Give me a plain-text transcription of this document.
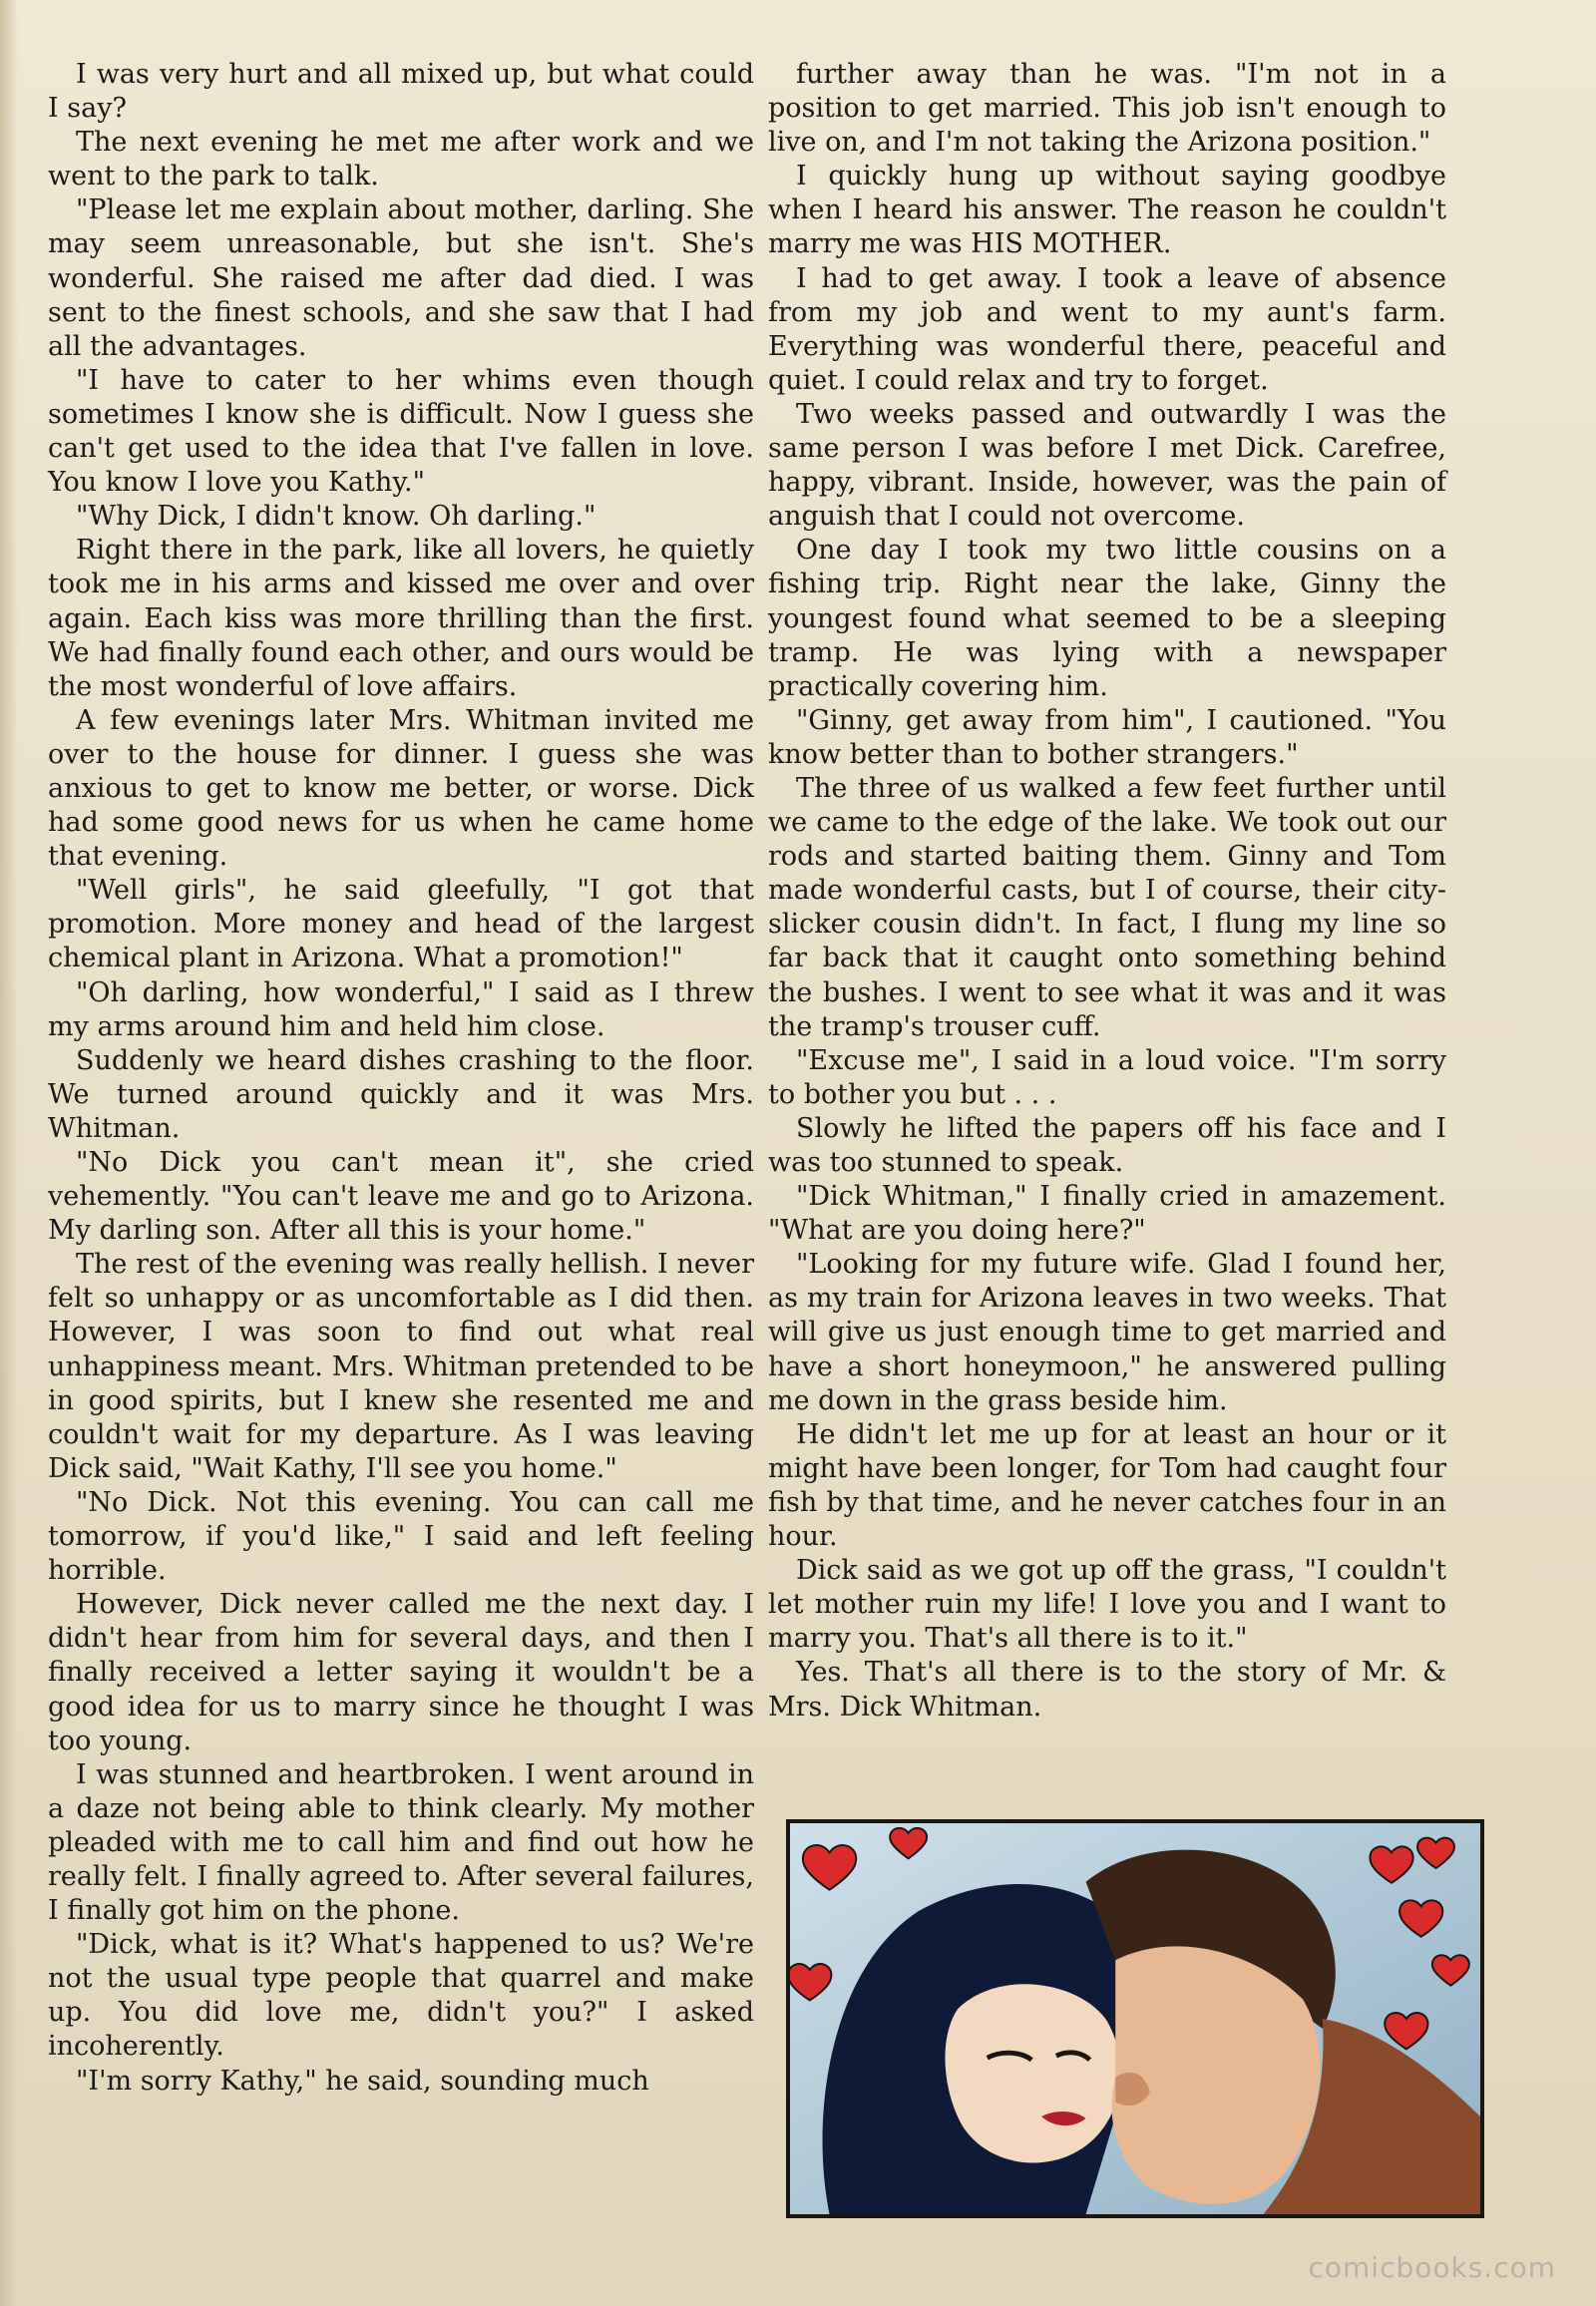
I was very hurt and all mixed up, but what could I say?

The next evening he met me after work and we went to the park to talk.

"Please let me explain about mother, darling. She may seem unreasonable, but she isn't. She's wonderful. She raised me after dad died. I was sent to the finest schools, and she saw that I had all the advantages.

"I have to cater to her whims even though sometimes I know she is difficult. Now I guess she can't get used to the idea that I've fallen in love. You know I love you Kathy."

"Why Dick, I didn't know. Oh darling."

Right there in the park, like all lovers, he quietly took me in his arms and kissed me over and over again. Each kiss was more thrilling than the first. We had finally found each other, and ours would be the most wonderful of love affairs.

A few evenings later Mrs. Whitman invited me over to the house for dinner. I guess she was anxious to get to know me better, or worse. Dick had some good news for us when he came home that evening.

"Well girls", he said gleefully, "I got that promotion. More money and head of the largest chemical plant in Arizona. What a promotion!"

"Oh darling, how wonderful," I said as I threw my arms around him and held him close.

Suddenly we heard dishes crashing to the floor. We turned around quickly and it was Mrs. Whitman.

"No Dick you can't mean it", she cried vehemently. "You can't leave me and go to Arizona. My darling son. After all this is your home."

The rest of the evening was really hellish. I never felt so unhappy or as uncomfortable as I did then. However, I was soon to find out what real unhappiness meant. Mrs. Whitman pretended to be in good spirits, but I knew she resented me and couldn't wait for my departure. As I was leaving Dick said, "Wait Kathy, I'll see you home."

"No Dick. Not this evening. You can call me tomorrow, if you'd like," I said and left feeling horrible.

However, Dick never called me the next day. I didn't hear from him for several days, and then I finally received a letter saying it wouldn't be a good idea for us to marry since he thought I was too young.

I was stunned and heartbroken. I went around in a daze not being able to think clearly. My mother pleaded with me to call him and find out how he really felt. I finally agreed to. After several failures, I finally got him on the phone.

"Dick, what is it? What's happened to us? We're not the usual type people that quarrel and make up. You did love me, didn't you?" I asked incoherently.

"I'm sorry Kathy," he said, sounding much

further away than he was. "I'm not in a position to get married. This job isn't enough to live on, and I'm not taking the Arizona position."

I quickly hung up without saying goodbye when I heard his answer. The reason he couldn't marry me was HIS MOTHER.

I had to get away. I took a leave of absence from my job and went to my aunt's farm. Everything was wonderful there, peaceful and quiet. I could relax and try to forget.

Two weeks passed and outwardly I was the same person I was before I met Dick. Carefree, happy, vibrant. Inside, however, was the pain of anguish that I could not overcome.

One day I took my two little cousins on a fishing trip. Right near the lake, Ginny the youngest found what seemed to be a sleeping tramp. He was lying with a newspaper practically covering him.

"Ginny, get away from him", I cautioned. "You know better than to bother strangers."

The three of us walked a few feet further until we came to the edge of the lake. We took out our rods and started baiting them. Ginny and Tom made wonderful casts, but I of course, their city-slicker cousin didn't. In fact, I flung my line so far back that it caught onto something behind the bushes. I went to see what it was and it was the tramp's trouser cuff.

"Excuse me", I said in a loud voice. "I'm sorry to bother you but . . .

Slowly he lifted the papers off his face and I was too stunned to speak.

"Dick Whitman," I finally cried in amazement. "What are you doing here?"

"Looking for my future wife. Glad I found her, as my train for Arizona leaves in two weeks. That will give us just enough time to get married and have a short honeymoon," he answered pulling me down in the grass beside him.

He didn't let me up for at least an hour or it might have been longer, for Tom had caught four fish by that time, and he never catches four in an hour.

Dick said as we got up off the grass, "I couldn't let mother ruin my life! I love you and I want to marry you. That's all there is to it."

Yes. That's all there is to the story of Mr. & Mrs. Dick Whitman.

comicbooks.com
